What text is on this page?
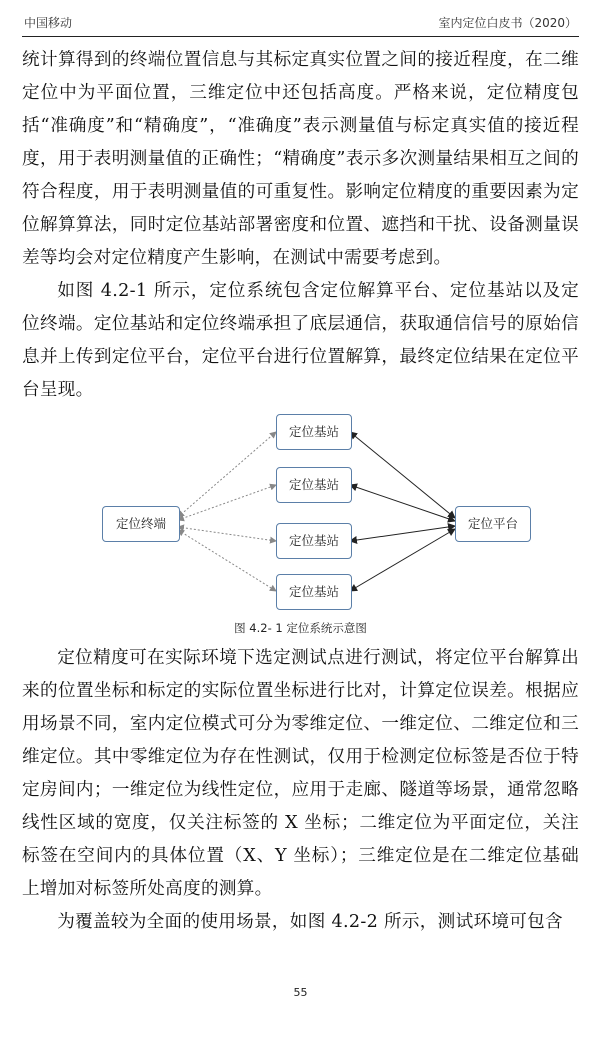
中国移动	室内定位白皮书（2020）
统计算得到的终端位置信息与其标定真实位置之间的接近程度，在二维定位中为平面位置，三维定位中还包括高度。严格来说，定位精度包括“准确度”和“精确度”，“准确度”表示测量值与标定真实值的接近程度，用于表明测量值的正确性；“精确度”表示多次测量结果相互之间的符合程度，用于表明测量值的可重复性。影响定位精度的重要因素为定位解算算法，同时定位基站部署密度和位置、遮挡和干扰、设备测量误差等均会对定位精度产生影响，在测试中需要考虑到。
如图 4.2-1 所示，定位系统包含定位解算平台、定位基站以及定位终端。定位基站和定位终端承担了底层通信，获取通信信号的原始信息并上传到定位平台，定位平台进行位置解算，最终定位结果在定位平台呈现。
定位终端
定位基站
定位基站
定位基站
定位基站
定位平台
图 4.2- 1 定位系统示意图
定位精度可在实际环境下选定测试点进行测试，将定位平台解算出来的位置坐标和标定的实际位置坐标进行比对，计算定位误差。根据应用场景不同，室内定位模式可分为零维定位、一维定位、二维定位和三维定位。其中零维定位为存在性测试，仅用于检测定位标签是否位于特定房间内；一维定位为线性定位，应用于走廊、隧道等场景，通常忽略线性区域的宽度，仅关注标签的 X 坐标；二维定位为平面定位，关注标签在空间内的具体位置（X、Y 坐标）；三维定位是在二维定位基础上增加对标签所处高度的测算。
为覆盖较为全面的使用场景，如图 4.2-2 所示，测试环境可包含
55
